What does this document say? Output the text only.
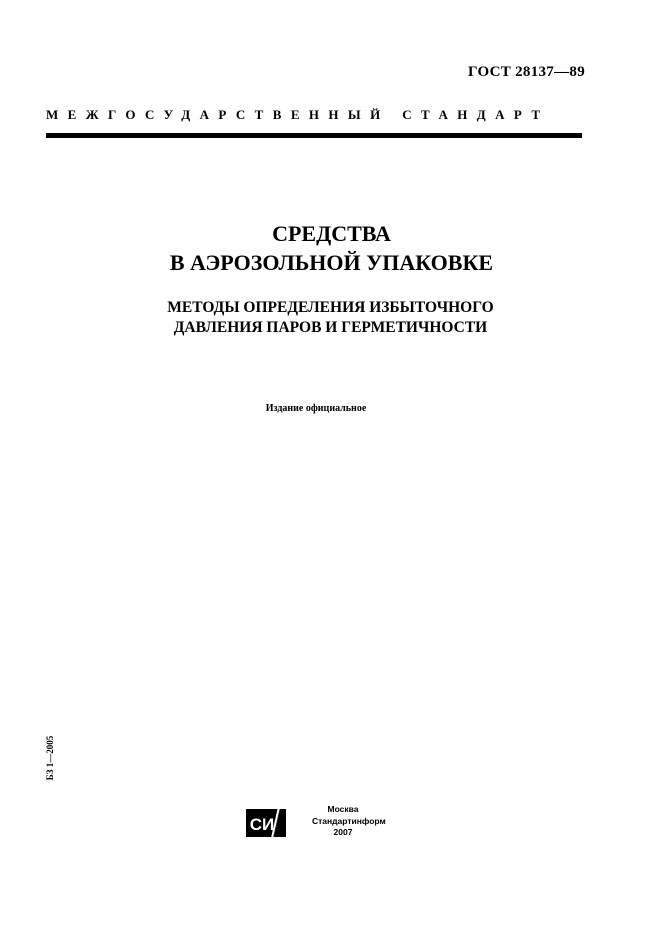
ГОСТ 28137—89
МЕЖГОСУДАРСТВЕННЫЙ СТАНДАРТ
СРЕДСТВА
В АЭРОЗОЛЬНОЙ УПАКОВКЕ
МЕТОДЫ ОПРЕДЕЛЕНИЯ ИЗБЫТОЧНОГО
ДАВЛЕНИЯ ПАРОВ И ГЕРМЕТИЧНОСТИ
Издание официальное
БЗ 1—2005
СИ
Москва
Стандартинформ
2007
